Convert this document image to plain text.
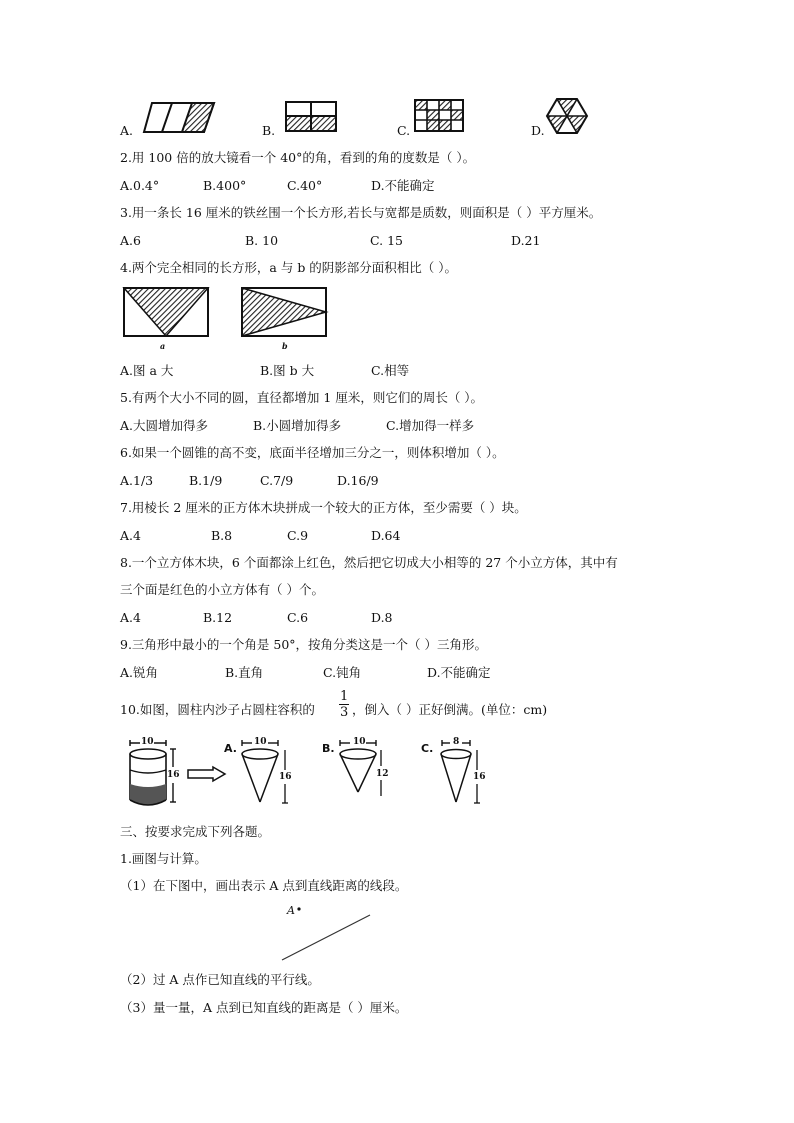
A.	B.	C.	D.
2.用 100 倍的放大镜看一个 40°的角，看到的角的度数是（ ）。
A.0.4°	B.400°	C.40°	D.不能确定
3.用一条长 16 厘米的铁丝围一个长方形,若长与宽都是质数，则面积是（ ）平方厘米。
A.6	B. 10	C. 15	D.21
4.两个完全相同的长方形，a 与 b 的阴影部分面积相比（ ）。
a	b
A.图 a 大	B.图 b 大	C.相等
5.有两个大小不同的圆，直径都增加 1 厘米，则它们的周长（ ）。
A.大圆增加得多	B.小圆增加得多	C.增加得一样多
6.如果一个圆锥的高不变，底面半径增加三分之一，则体积增加（ ）。
A.1/3	B.1/9	C.7/9	D.16/9
7.用棱长 2 厘米的正方体木块拼成一个较大的正方体，至少需要（ ）块。
A.4	B.8	C.9	D.64
8.一个立方体木块，6 个面都涂上红色，然后把它切成大小相等的 27 个小立方体，其中有
三个面是红色的小立方体有（ ）个。
A.4	B.12	C.6	D.8
9.三角形中最小的一个角是 50°，按角分类这是一个（ ）三角形。
A.锐角	B.直角	C.钝角	D.不能确定
10.如图，圆柱内沙子占圆柱容积的 $\frac{1}{3}$ ，倒入（ ）正好倒满。(单位：cm)
10
16
A. 10
16
B. 10
12
C. 8
16
三、按要求完成下列各题。
1.画图与计算。
（1）在下图中，画出表示 A 点到直线距离的线段。
A
（2）过 A 点作已知直线的平行线。
（3）量一量，A 点到已知直线的距离是（ ）厘米。
